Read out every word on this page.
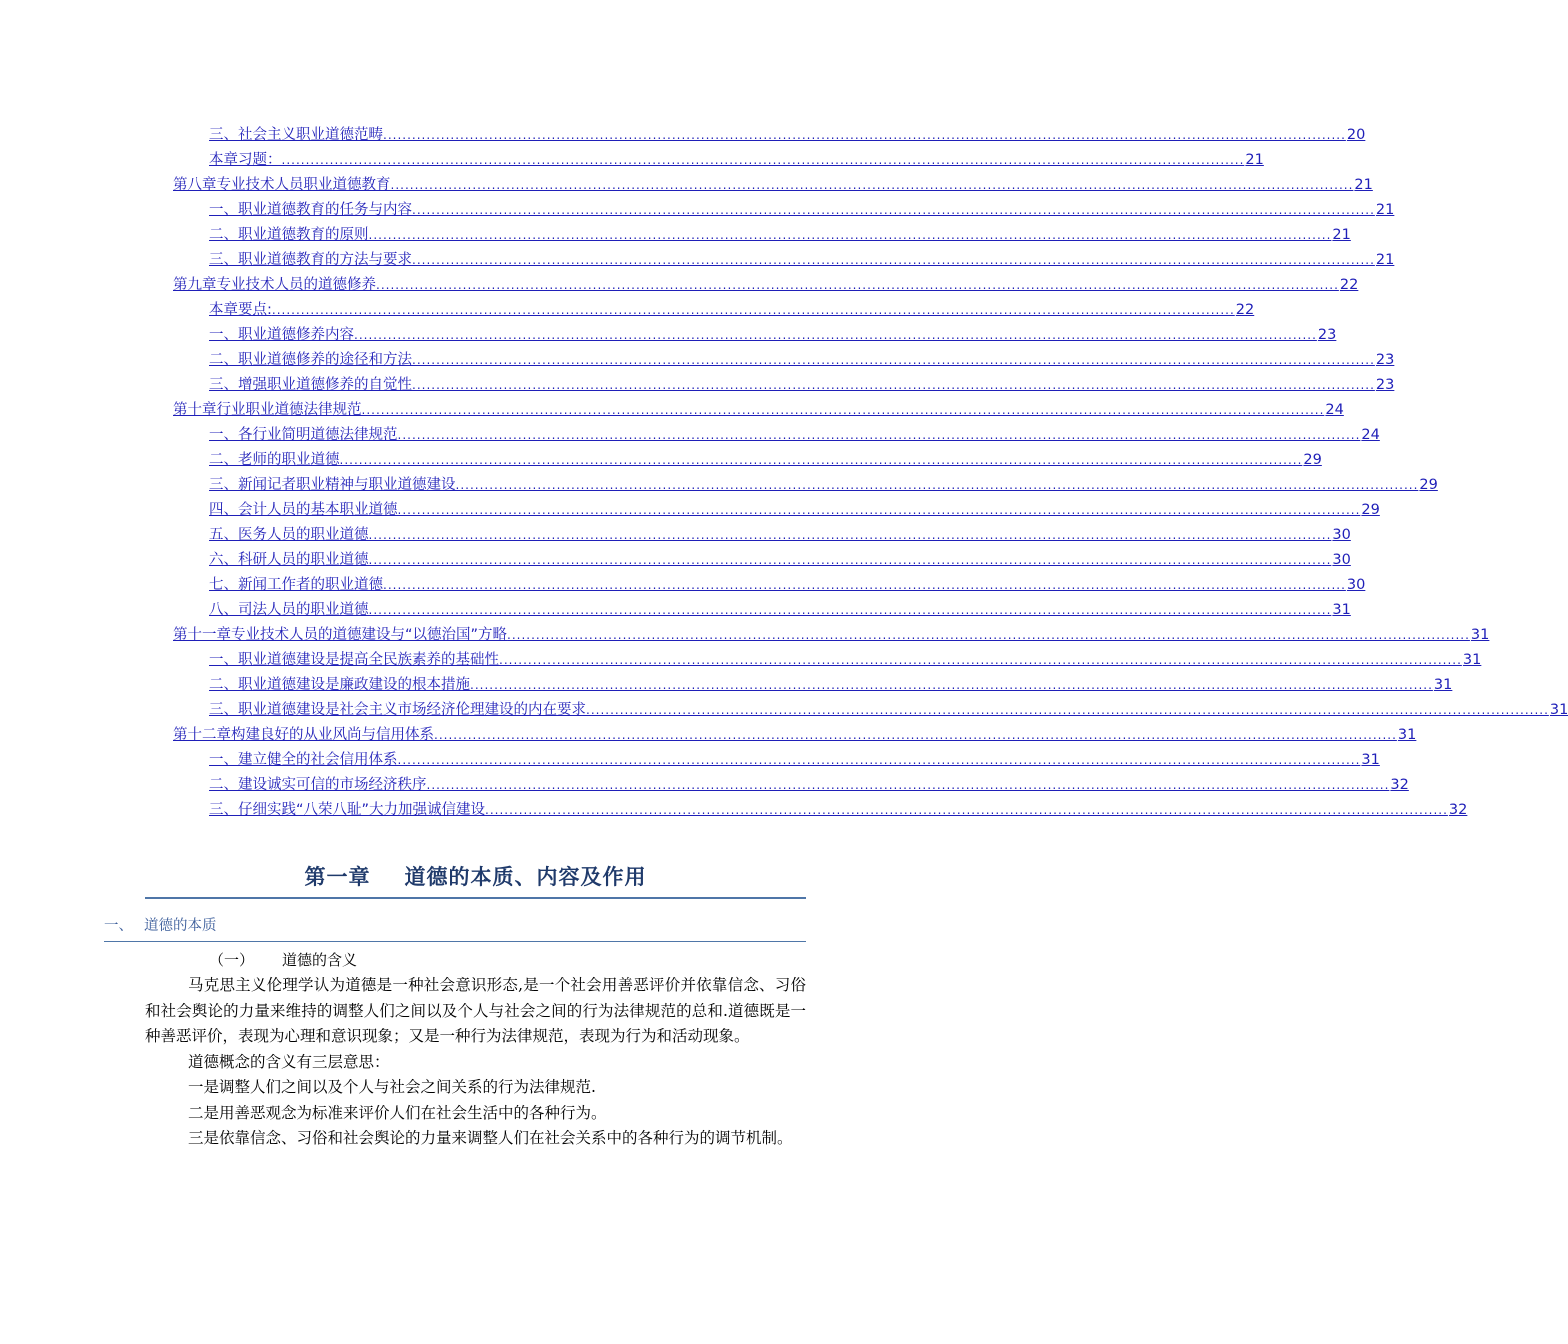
三、社会主义职业道德范畴 ........................................................................................................................................................................................................ 20
本章习题： ........................................................................................................................................................................................................ 21
第八章专业技术人员职业道德教育 ........................................................................................................................................................................................................ 21
一、职业道德教育的任务与内容 ........................................................................................................................................................................................................ 21
二、职业道德教育的原则 ........................................................................................................................................................................................................ 21
三、职业道德教育的方法与要求 ........................................................................................................................................................................................................ 21
第九章专业技术人员的道德修养 ........................................................................................................................................................................................................ 22
本章要点: ........................................................................................................................................................................................................ 22
一、职业道德修养内容 ........................................................................................................................................................................................................ 23
二、职业道德修养的途径和方法 ........................................................................................................................................................................................................ 23
三、增强职业道德修养的自觉性 ........................................................................................................................................................................................................ 23
第十章行业职业道德法律规范 ........................................................................................................................................................................................................ 24
一、各行业简明道德法律规范 ........................................................................................................................................................................................................ 24
二、老师的职业道德 ........................................................................................................................................................................................................ 29
三、新闻记者职业精神与职业道德建设 ........................................................................................................................................................................................................ 29
四、会计人员的基本职业道德 ........................................................................................................................................................................................................ 29
五、医务人员的职业道德 ........................................................................................................................................................................................................ 30
六、科研人员的职业道德 ........................................................................................................................................................................................................ 30
七、新闻工作者的职业道德 ........................................................................................................................................................................................................ 30
八、司法人员的职业道德 ........................................................................................................................................................................................................ 31
第十一章专业技术人员的道德建设与“以德治国”方略 ........................................................................................................................................................................................................ 31
一、职业道德建设是提高全民族素养的基础性 ........................................................................................................................................................................................................ 31
二、职业道德建设是廉政建设的根本措施 ........................................................................................................................................................................................................ 31
三、职业道德建设是社会主义市场经济伦理建设的内在要求 ........................................................................................................................................................................................................ 31
第十二章构建良好的从业风尚与信用体系 ........................................................................................................................................................................................................ 31
一、建立健全的社会信用体系 ........................................................................................................................................................................................................ 31
二、建设诚实可信的市场经济秩序 ........................................................................................................................................................................................................ 32
三、仔细实践“八荣八耻”大力加强诚信建设 ........................................................................................................................................................................................................ 32
第一章 道德的本质、内容及作用
一、 道德的本质
（一） 道德的含义

马克思主义伦理学认为道德是一种社会意识形态,是一个社会用善恶评价并依靠信念、习俗和社会舆论的力量来维持的调整人们之间以及个人与社会之间的行为法律规范的总和.道德既是一种善恶评价，表现为心理和意识现象；又是一种行为法律规范，表现为行为和活动现象。

道德概念的含义有三层意思：

一是调整人们之间以及个人与社会之间关系的行为法律规范.

二是用善恶观念为标准来评价人们在社会生活中的各种行为。

三是依靠信念、习俗和社会舆论的力量来调整人们在社会关系中的各种行为的调节机制。
